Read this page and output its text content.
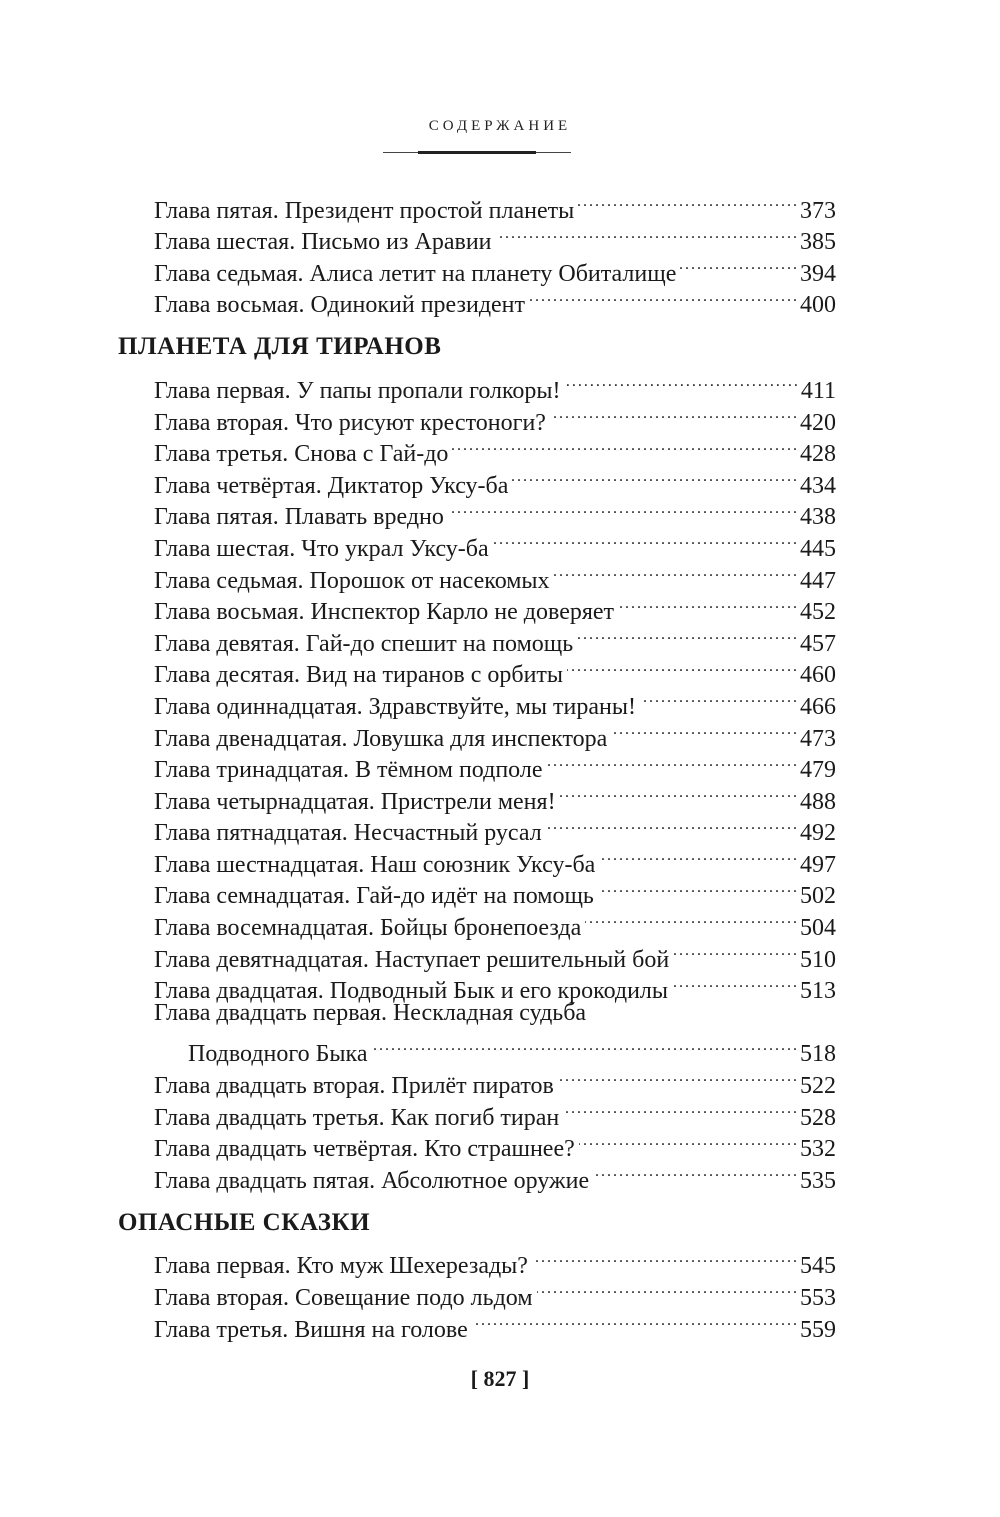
СОДЕРЖАНИЕ
Глава пятая. Президент простой планеты . . .	373
Глава шестая. Письмо из Аравии . . .	385
Глава седьмая. Алиса летит на планету Обиталище . . .	394
Глава восьмая. Одинокий президент . . .	400
ПЛАНЕТА ДЛЯ ТИРАНОВ
Глава первая. У папы пропали голкоры! . . .	411
Глава вторая. Что рисуют крестоноги? . . .	420
Глава третья. Снова с Гай-до . . .	428
Глава четвёртая. Диктатор Уксу-ба . . .	434
Глава пятая. Плавать вредно . . .	438
Глава шестая. Что украл Уксу-ба . . .	445
Глава седьмая. Порошок от насекомых . . .	447
Глава восьмая. Инспектор Карло не доверяет . . .	452
Глава девятая. Гай-до спешит на помощь . . .	457
Глава десятая. Вид на тиранов с орбиты . . .	460
Глава одиннадцатая. Здравствуйте, мы тираны! . . .	466
Глава двенадцатая. Ловушка для инспектора . . .	473
Глава тринадцатая. В тёмном подполе . . .	479
Глава четырнадцатая. Пристрели меня! . . .	488
Глава пятнадцатая. Несчастный русал . . .	492
Глава шестнадцатая. Наш союзник Уксу-ба . . .	497
Глава семнадцатая. Гай-до идёт на помощь . . .	502
Глава восемнадцатая. Бойцы бронепоезда . . .	504
Глава девятнадцатая. Наступает решительный бой . . .	510
Глава двадцатая. Подводный Бык и его крокодилы . . .	513
Глава двадцать первая. Нескладная судьба
Подводного Быка . . .	518
Глава двадцать вторая. Прилёт пиратов . . .	522
Глава двадцать третья. Как погиб тиран . . .	528
Глава двадцать четвёртая. Кто страшнее? . . .	532
Глава двадцать пятая. Абсолютное оружие . . .	535
ОПАСНЫЕ СКАЗКИ
Глава первая. Кто муж Шехерезады? . . .	545
Глава вторая. Совещание подо льдом . . .	553
Глава третья. Вишня на голове . . .	559
[ 827 ]
